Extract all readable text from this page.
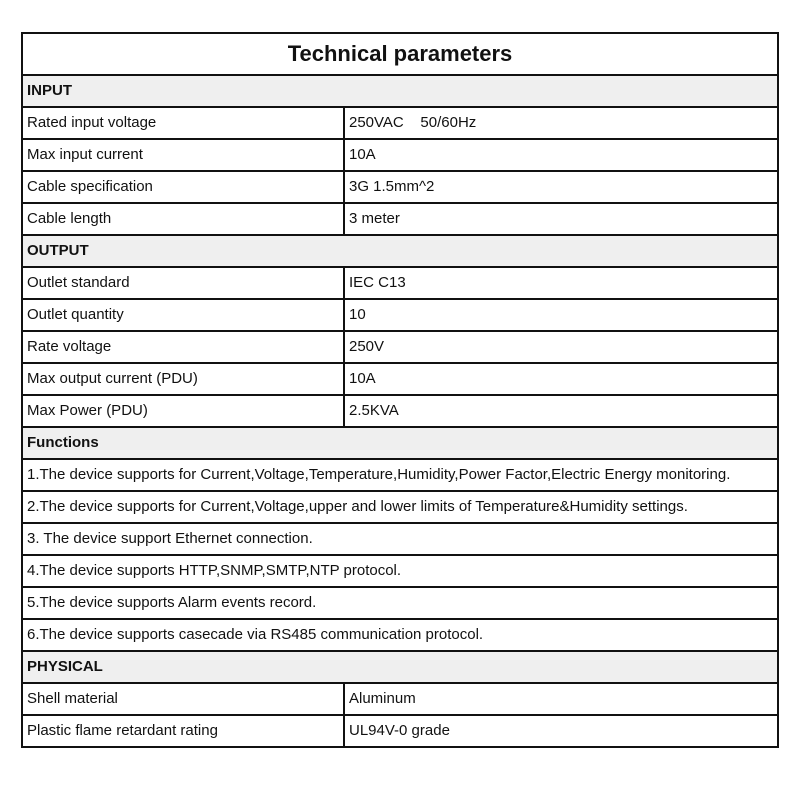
Technical parameters	
INPUT	
Rated input voltage	250VAC    50/60Hz
Max input current	10A
Cable specification	3G 1.5mm^2
Cable length	3 meter
OUTPUT	
Outlet standard	IEC C13
Outlet quantity	10
Rate voltage	250V
Max output current (PDU)	10A
Max Power (PDU)	2.5KVA
Functions	
1.The device supports for Current,Voltage,Temperature,Humidity,Power Factor,Electric Energy monitoring.	
2.The device supports for Current,Voltage,upper and lower limits of Temperature&Humidity settings.	
3. The device support Ethernet connection.	
4.The device supports HTTP,SNMP,SMTP,NTP protocol.	
5.The device supports Alarm events record.	
6.The device supports casecade via RS485 communication protocol.	
PHYSICAL	
Shell material	Aluminum
Plastic flame retardant rating	UL94V-0 grade
